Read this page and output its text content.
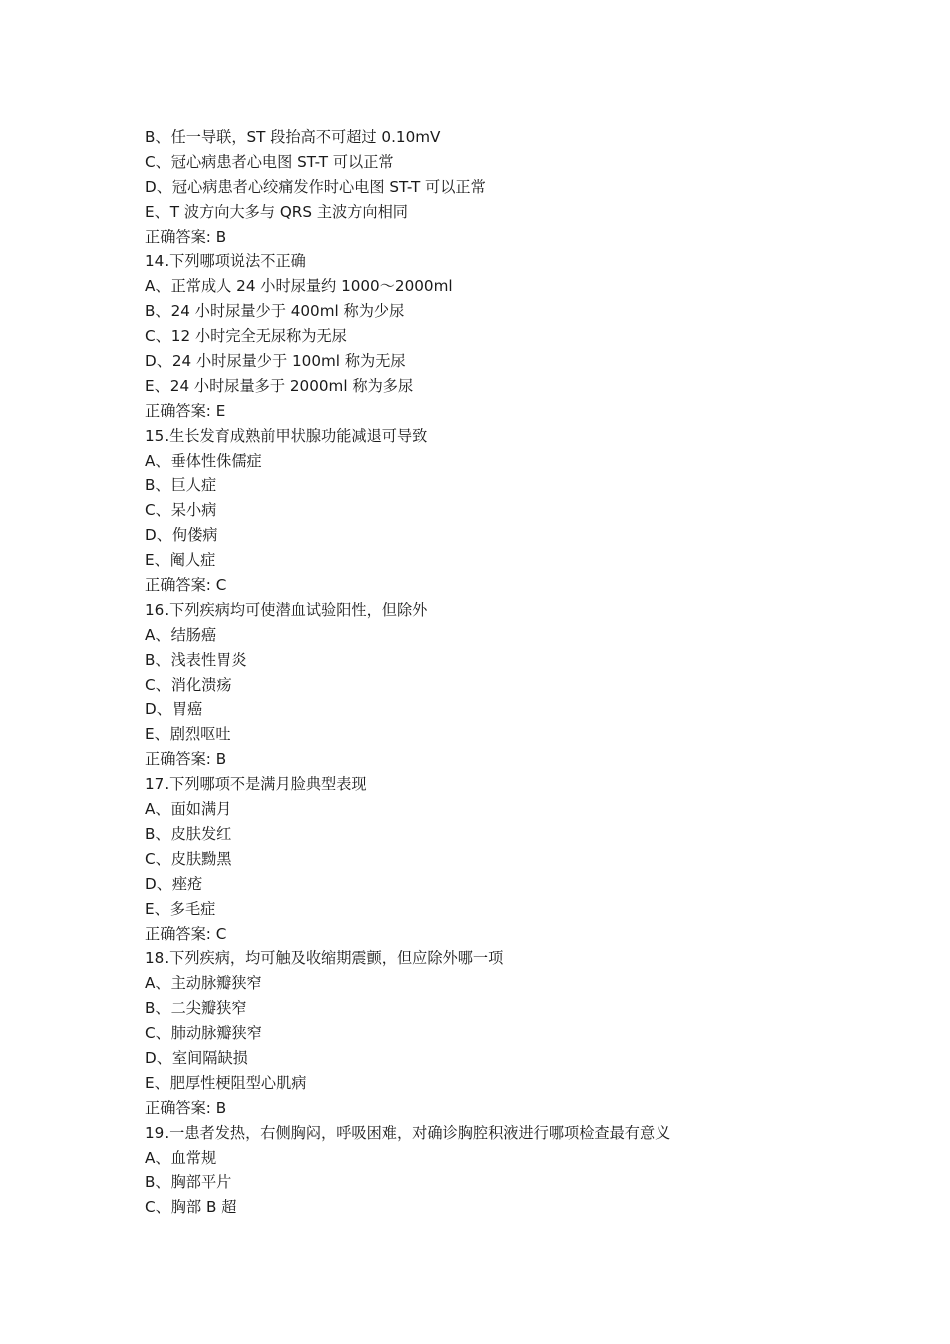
B、任一导联，ST 段抬高不可超过 0.10mV
C、冠心病患者心电图 ST-T 可以正常
D、冠心病患者心绞痛发作时心电图 ST-T 可以正常
E、T 波方向大多与 QRS 主波方向相同
正确答案: B
14.下列哪项说法不正确
A、正常成人 24 小时尿量约 1000～2000ml
B、24 小时尿量少于 400ml 称为少尿
C、12 小时完全无尿称为无尿
D、24 小时尿量少于 100ml 称为无尿
E、24 小时尿量多于 2000ml 称为多尿
正确答案: E
15.生长发育成熟前甲状腺功能减退可导致
A、垂体性侏儒症
B、巨人症
C、呆小病
D、佝偻病
E、阉人症
正确答案: C
16.下列疾病均可使潜血试验阳性，但除外
A、结肠癌
B、浅表性胃炎
C、消化溃疡
D、胃癌
E、剧烈呕吐
正确答案: B
17.下列哪项不是满月脸典型表现
A、面如满月
B、皮肤发红
C、皮肤黝黑
D、痤疮
E、多毛症
正确答案: C
18.下列疾病，均可触及收缩期震颤，但应除外哪一项
A、主动脉瓣狭窄
B、二尖瓣狭窄
C、肺动脉瓣狭窄
D、室间隔缺损
E、肥厚性梗阻型心肌病
正确答案: B
19.一患者发热，右侧胸闷，呼吸困难，对确诊胸腔积液进行哪项检查最有意义
A、血常规
B、胸部平片
C、胸部 B 超
